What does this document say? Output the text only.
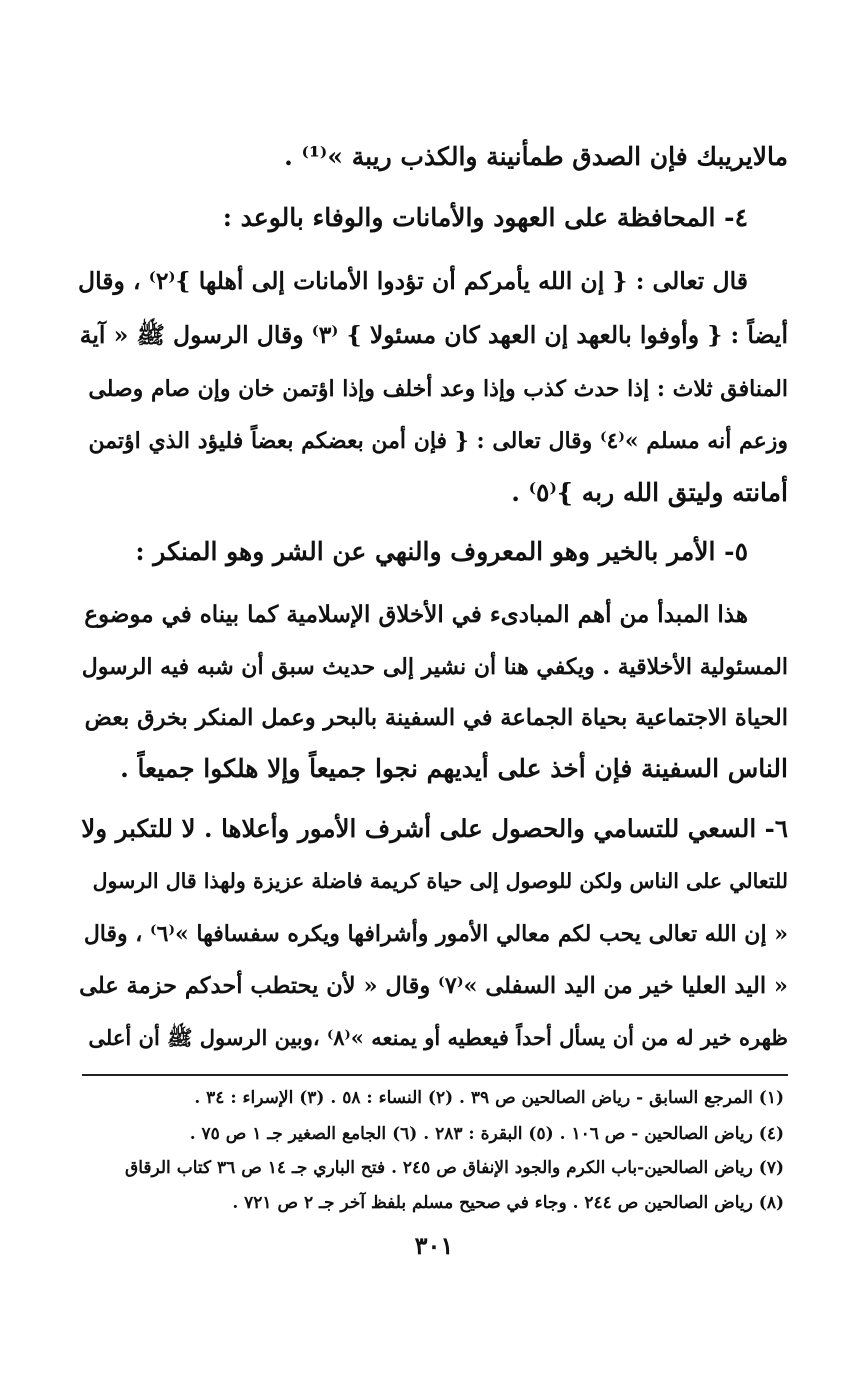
مالايريبك فإن الصدق طمأنينة والكذب ريبة »⁽¹⁾ .
٤- المحافظة على العهود والأمانات والوفاء بالوعد :
قال تعالى : { إن الله يأمركم أن تؤدوا الأمانات إلى أهلها }⁽٢⁾ ، وقال
أيضاً : { وأوفوا بالعهد إن العهد كان مسئولا } ⁽٣⁾ وقال الرسول ﷺ « آية
المنافق ثلاث : إذا حدث كذب وإذا وعد أخلف وإذا اؤتمن خان وإن صام وصلى
وزعم أنه مسلم »⁽٤⁾ وقال تعالى : { فإن أمن بعضكم بعضاً فليؤد الذي اؤتمن
أمانته وليتق الله ربه }⁽٥⁾ .
٥- الأمر بالخير وهو المعروف والنهي عن الشر وهو المنكر :
هذا المبدأ من أهم المبادىء في الأخلاق الإسلامية كما بيناه في موضوع
المسئولية الأخلاقية . ويكفي هنا أن نشير إلى حديث سبق أن شبه فيه الرسول
الحياة الاجتماعية بحياة الجماعة في السفينة بالبحر وعمل المنكر بخرق بعض
الناس السفينة فإن أخذ على أيديهم نجوا جميعاً وإلا هلكوا جميعاً .
٦- السعي للتسامي والحصول على أشرف الأمور وأعلاها . لا للتكبر ولا
للتعالي على الناس ولكن للوصول إلى حياة كريمة فاضلة عزيزة ولهذا قال الرسول
« إن الله تعالى يحب لكم معالي الأمور وأشرافها ويكره سفسافها »⁽٦⁾ ، وقال
« اليد العليا خير من اليد السفلى »⁽٧⁾ وقال « لأن يحتطب أحدكم حزمة على
ظهره خير له من أن يسأل أحداً فيعطيه أو يمنعه »⁽٨⁾ ،وبين الرسول ﷺ أن أعلى
(١) المرجع السابق - رياض الصالحين ص ٣٩ . (٢) النساء : ٥٨ . (٣) الإسراء : ٣٤ .
(٤) رياض الصالحين - ص ١٠٦ . (٥) البقرة : ٢٨٣ . (٦) الجامع الصغير جـ ١ ص ٧٥ .
(٧) رياض الصالحين-باب الكرم والجود الإنفاق ص ٢٤٥ . فتح الباري جـ ١٤ ص ٣٦ كتاب الرقاق
(٨) رياض الصالحين ص ٢٤٤ . وجاء في صحيح مسلم بلفظ آخر جـ ٢ ص ٧٢١ .
٣٠١
